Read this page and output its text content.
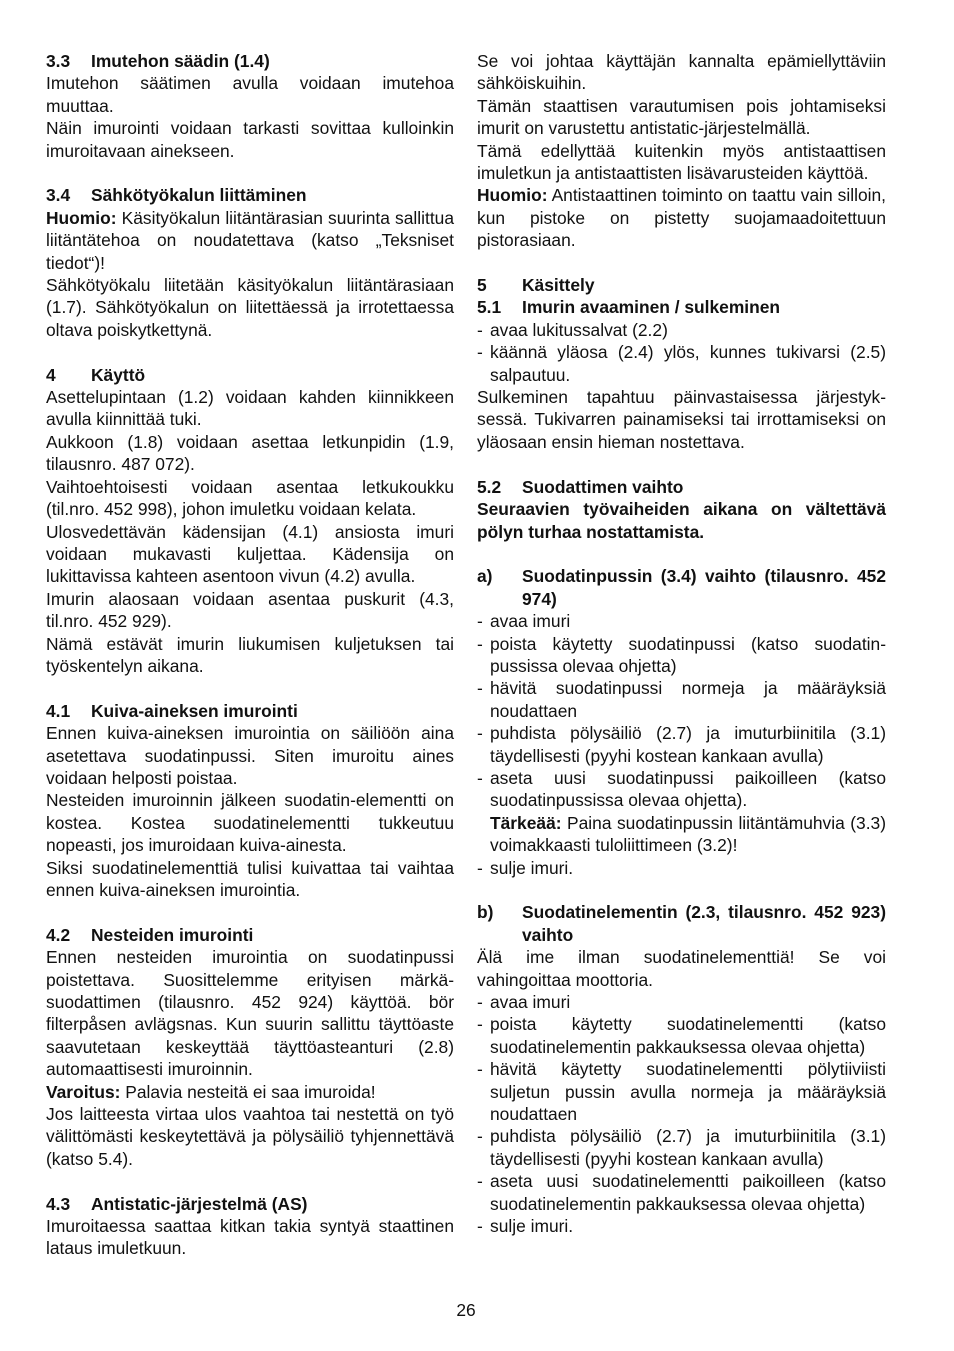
3.3	Imutehon säädin (1.4)

Imutehon säätimen avulla voidaan imutehoa muuttaa.

Näin imurointi voidaan tarkasti sovittaa kulloinkin imuroitavaan ainekseen.

3.4	Sähkötyökalun liittäminen

Huomio: Käsityökalun liitäntärasian suurinta sallittua liitäntätehoa on noudatettava (katso „Teksniset tiedot“)!

Sähkötyökalu liitetään käsityökalun liitäntärasiaan (1.7). Sähkötyökalun on liitettäessä ja irrotettaessa oltava poiskytkettynä.

4	Käyttö

Asettelupintaan (1.2) voidaan kahden kiinnikkeen avulla kiinnittää tuki.

Aukkoon (1.8) voidaan asettaa letkunpidin (1.9, tilausnro. 487 072).

Vaihtoehtoisesti voidaan asentaa letkukoukku (til.nro. 452 998), johon imuletku voidaan kelata.

Ulosvedettävän kädensijan (4.1) ansiosta imuri voidaan mukavasti kuljettaa. Kädensija on lukittavissa kahteen asentoon vivun (4.2) avulla.

Imurin alaosaan voidaan asentaa puskurit (4.3, til.nro. 452 929).

Nämä estävät imurin liukumisen kuljetuksen tai työskentelyn aikana.

4.1	Kuiva-aineksen imurointi

Ennen kuiva-aineksen imurointia on säiliöön aina asetettava suodatinpussi. Siten imuroitu aines voidaan helposti poistaa.

Nesteiden imuroinnin jälkeen suodatin-elementti on kostea. Kostea suodatinelementti tukkeutuu nopeasti, jos imuroidaan kuiva-ainesta.

Siksi suodatinelementtiä tulisi kuivattaa tai vaihtaa ennen kuiva-aineksen imurointia.

4.2	Nesteiden imurointi

Ennen nesteiden imurointia on suodatinpussi poistettava. Suosittelemme erityisen märkä-suodattimen (tilausnro. 452 924) käyttöä. bör filterpåsen avlägsnas. Kun suurin sallittu täyttöaste saavutetaan keskeyttää täyttöasteanturi (2.8) automaattisesti imuroinnin.

Varoitus: Palavia nesteitä ei saa imuroida!

Jos laitteesta virtaa ulos vaahtoa tai nestettä on työ välittömästi keskeytettävä ja pölysäiliö tyhjennettävä (katso 5.4).

4.3	Antistatic-järjestelmä (AS)

Imuroitaessa saattaa kitkan takia syntyä staattinen lataus imuletkuun.

Se voi johtaa käyttäjän kannalta epämiellyttäviin sähköiskuihin.

Tämän staattisen varautumisen pois johtamiseksi imurit on varustettu antistatic-järjestelmällä.

Tämä edellyttää kuitenkin myös antistaattisen imuletkun ja antistaattisten lisävarusteiden käyttöä.

Huomio: Antistaattinen toiminto on taattu vain silloin, kun pistoke on pistetty suojamaadoitettuun pistorasiaan.

5	Käsittely
5.1	Imurin avaaminen / sulkeminen
- avaa lukitussalvat (2.2)
- käännä yläosa (2.4) ylös, kunnes tukivarsi (2.5) salpautuu.

Sulkeminen tapahtuu päinvastaisessa järjestyk-sessä. Tukivarren painamiseksi tai irrottamiseksi on yläosaan ensin hieman nostettava.

5.2	Suodattimen vaihto

Seuraavien työvaiheiden aikana on vältettävä pölyn turhaa nostattamista.

a)	Suodatinpussin (3.4) vaihto (tilausnro. 452 974)
- avaa imuri
- poista käytetty suodatinpussi (katso suodatin-pussissa olevaa ohjetta)
- hävitä suodatinpussi normeja ja määräyksiä noudattaen
- puhdista pölysäiliö (2.7) ja imuturbiinitila (3.1) täydellisesti (pyyhi kostean kankaan avulla)
- aseta uusi suodatinpussi paikoilleen (katso suodatinpussissa olevaa ohjetta).

Tärkeää: Paina suodatinpussin liitäntämuhvia (3.3) voimakkaasti tuloliittimeen (3.2)!

- sulje imuri.
b)	Suodatinelementin (2.3, tilausnro. 452 923) vaihto

Älä ime ilman suodatinelementtiä! Se voi vahingoittaa moottoria.

- avaa imuri
- poista käytetty suodatinelementti (katso suodatinelementin pakkauksessa olevaa ohjetta)
- hävitä käytetty suodatinelementti pölytiiviisti suljetun pussin avulla normeja ja määräyksiä noudattaen
- puhdista pölysäiliö (2.7) ja imuturbiinitila (3.1) täydellisesti (pyyhi kostean kankaan avulla)
- aseta uusi suodatinelementti paikoilleen (katso suodatinelementin pakkauksessa olevaa ohjetta)
- sulje imuri.
26
